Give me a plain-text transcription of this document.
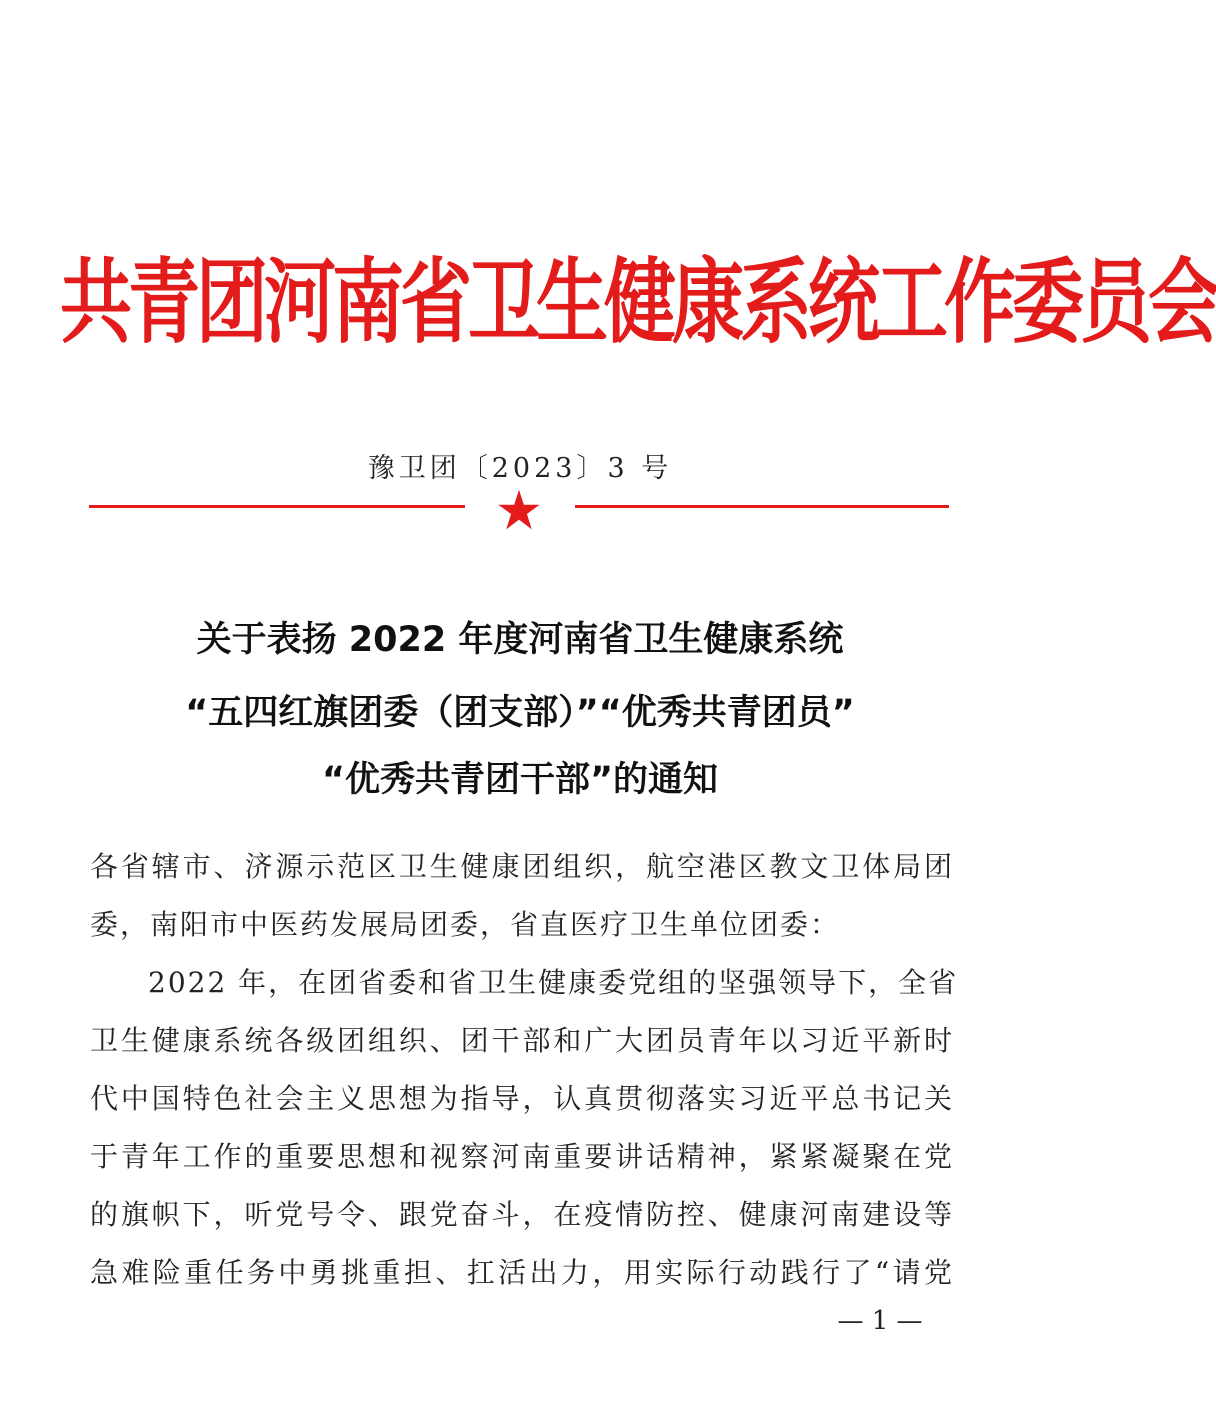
共青团河南省卫生健康系统工作委员会
豫卫团〔2023〕3 号
关于表扬 2022 年度河南省卫生健康系统
“五四红旗团委（团支部）”“优秀共青团员”
“优秀共青团干部”的通知
各省辖市、济源示范区卫生健康团组织，航空港区教文卫体局团
委，南阳市中医药发展局团委，省直医疗卫生单位团委：
2022 年，在团省委和省卫生健康委党组的坚强领导下，全省
卫生健康系统各级团组织、团干部和广大团员青年以习近平新时
代中国特色社会主义思想为指导，认真贯彻落实习近平总书记关
于青年工作的重要思想和视察河南重要讲话精神，紧紧凝聚在党
的旗帜下，听党号令、跟党奋斗，在疫情防控、健康河南建设等
急难险重任务中勇挑重担、扛活出力，用实际行动践行了“请党
— 1 —
